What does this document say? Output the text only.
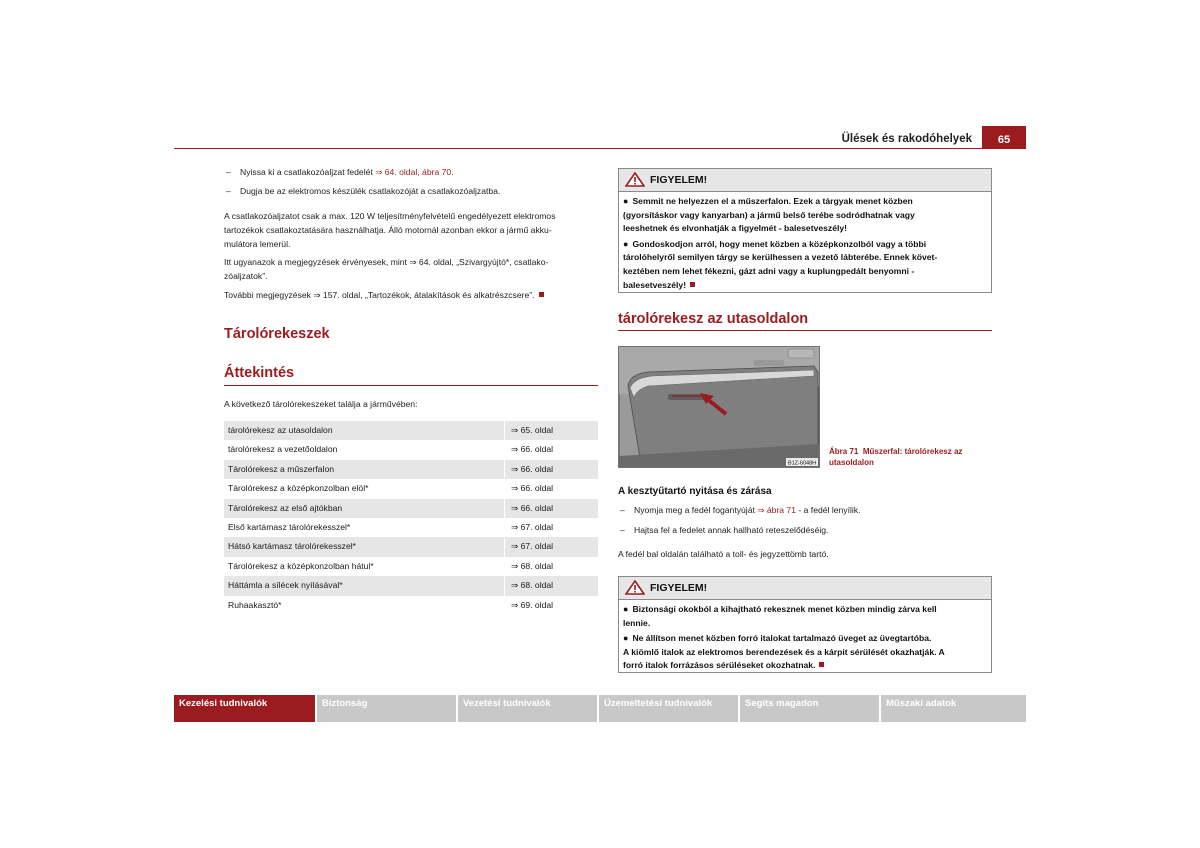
Ülések és rakodóhelyek	65
– Nyissa ki a csatlakozóaljzat fedelét ⇒ 64. oldal, ábra 70.
– Dugja be az elektromos készülék csatlakozóját a csatlakozóaljzatba.
A csatlakozóaljzatot csak a max. 120 W teljesítményfelvételű engedélyezett elektromos
tartozékok csatlakoztatására használhatja. Álló motornál azonban ekkor a jármű akku-
mulátora lemerül.
Itt ugyanazok a megjegyzések érvényesek, mint ⇒ 64. oldal, „Szivargyújtó*, csatlako-
zóaljzatok”.
További megjegyzések ⇒ 157. oldal, „Tartozékok, átalakítások és alkatrészcsere”.
Tárolórekeszek
Áttekintés
A következő tárolórekeszeket találja a járművében:
tárolórekesz az utasoldalon	⇒ 65. oldal
tárolórekesz a vezetőoldalon	⇒ 66. oldal
Tárolórekesz a műszerfalon	⇒ 66. oldal
Tárolórekesz a középkonzolban elöl*	⇒ 66. oldal
Tárolórekesz az első ajtókban	⇒ 66. oldal
Első kartámasz tárolórekesszel*	⇒ 67. oldal
Hátsó kartámasz tárolórekesszel*	⇒ 67. oldal
Tárolórekesz a középkonzolban hátul*	⇒ 68. oldal
Háttámla a sílécek nyílásával*	⇒ 68. oldal
Ruhaakasztó*	⇒ 69. oldal
FIGYELEM!

● Semmit ne helyezzen el a műszerfalon. Ezek a tárgyak menet közben
(gyorsításkor vagy kanyarban) a jármű belső terébe sodródhatnak vagy
leeshetnek és elvonhatják a figyelmét - balesetveszély!

● Gondoskodjon arról, hogy menet közben a középkonzolból vagy a többi
tárolóhelyről semilyen tárgy se kerülhessen a vezető lábterébe. Ennek követ-
keztében nem lehet fékezni, gázt adni vagy a kuplungpedált benyomni -
balesetveszély!

tárolórekesz az utasoldalon
B1Z-6048H
Ábra 71 Műszerfal: tárolórekesz az
utasoldalon
A kesztyűtartó nyitása és zárása
– Nyomja meg a fedél fogantyúját ⇒ ábra 71 - a fedél lenyílik.
– Hajtsa fel a fedelet annak hallható reteszelődéséig.
A fedél bal oldalán található a toll- és jegyzettömb tartó.
FIGYELEM!

● Biztonsági okokból a kihajtható rekesznek menet közben mindig zárva kell
lennie.

● Ne állítson menet közben forró italokat tartalmazó üveget az üvegtartóba.
A kiömlő italok az elektromos berendezések és a kárpit sérülését okazhatják. A
forró italok forrázásos sérüléseket okozhatnak.

Kezelési tudnivalók	Biztonság	Vezetési tudnivalók	Üzemeltetési tudnivalók	Segíts magadon	Műszaki adatok
